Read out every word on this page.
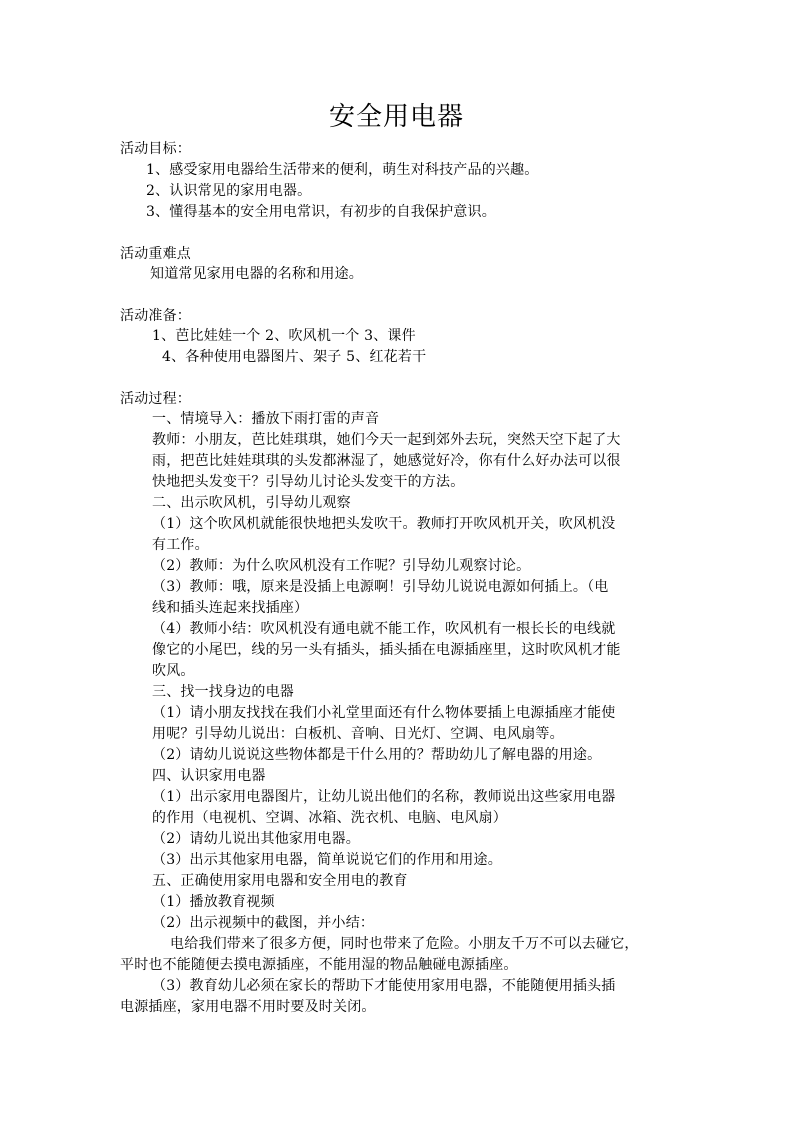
安全用电器
活动目标：
1、感受家用电器给生活带来的便利，萌生对科技产品的兴趣。
2、认识常见的家用电器。
3、懂得基本的安全用电常识，有初步的自我保护意识。
活动重难点
知道常见家用电器的名称和用途。
活动准备：
1、芭比娃娃一个 2、吹风机一个 3、课件
4、各种使用电器图片、架子 5、红花若干
活动过程：
一、情境导入：播放下雨打雷的声音
教师：小朋友，芭比娃琪琪，她们今天一起到郊外去玩，突然天空下起了大
雨，把芭比娃娃琪琪的头发都淋湿了，她感觉好冷，你有什么好办法可以很
快地把头发变干？引导幼儿讨论头发变干的方法。
二、出示吹风机，引导幼儿观察
（1）这个吹风机就能很快地把头发吹干。教师打开吹风机开关，吹风机没
有工作。
（2）教师：为什么吹风机没有工作呢？引导幼儿观察讨论。
（3）教师：哦，原来是没插上电源啊！引导幼儿说说电源如何插上。（电
线和插头连起来找插座）
（4）教师小结：吹风机没有通电就不能工作，吹风机有一根长长的电线就
像它的小尾巴，线的另一头有插头，插头插在电源插座里，这时吹风机才能
吹风。
三、找一找身边的电器
（1）请小朋友找找在我们小礼堂里面还有什么物体要插上电源插座才能使
用呢？引导幼儿说出：白板机、音响、日光灯、空调、电风扇等。
（2）请幼儿说说这些物体都是干什么用的？帮助幼儿了解电器的用途。
四、认识家用电器
（1）出示家用电器图片，让幼儿说出他们的名称，教师说出这些家用电器
的作用（电视机、空调、冰箱、洗衣机、电脑、电风扇）
（2）请幼儿说出其他家用电器。
（3）出示其他家用电器，简单说说它们的作用和用途。
五、正确使用家用电器和安全用电的教育
（1）播放教育视频
（2）出示视频中的截图，并小结：
电给我们带来了很多方便，同时也带来了危险。小朋友千万不可以去碰它，
平时也不能随便去摸电源插座，不能用湿的物品触碰电源插座。
（3）教育幼儿必须在家长的帮助下才能使用家用电器，不能随便用插头插
电源插座，家用电器不用时要及时关闭。
